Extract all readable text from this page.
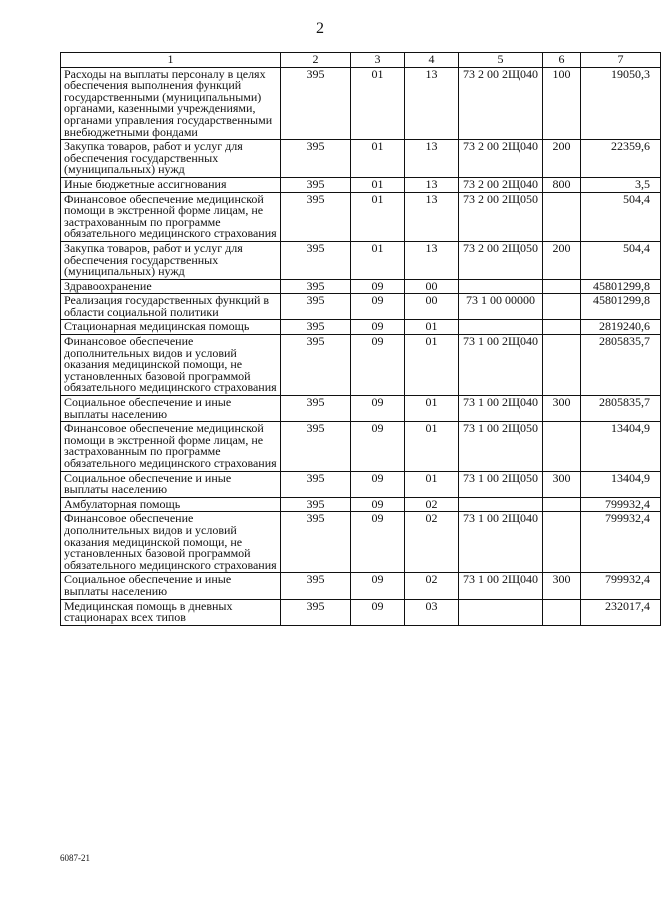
2
1	2	3	4	5	6	7
Расходы на выплаты персоналу в целях обеспечения выполнения функций государственными (муниципальными) органами, казенными учреждениями, органами управления государственными внебюджетными фондами	395	01	13	73 2 00 2Щ040	100	19050,3
Закупка товаров, работ и услуг для обеспечения государственных (муниципальных) нужд	395	01	13	73 2 00 2Щ040	200	22359,6
Иные бюджетные ассигнования	395	01	13	73 2 00 2Щ040	800	3,5
Финансовое обеспечение медицинской помощи в экстренной форме лицам, не застрахованным по программе обязательного медицинского страхования	395	01	13	73 2 00 2Щ050		504,4
Закупка товаров, работ и услуг для обеспечения государственных (муниципальных) нужд	395	01	13	73 2 00 2Щ050	200	504,4
Здравоохранение	395	09	00			45801299,8
Реализация государственных функций в области социальной политики	395	09	00	73 1 00 00000		45801299,8
Стационарная медицинская помощь	395	09	01			2819240,6
Финансовое обеспечение дополнительных видов и условий оказания медицинской помощи, не установленных базовой программой обязательного медицинского страхования	395	09	01	73 1 00 2Щ040		2805835,7
Социальное обеспечение и иные выплаты населению	395	09	01	73 1 00 2Щ040	300	2805835,7
Финансовое обеспечение медицинской помощи в экстренной форме лицам, не застрахованным по программе обязательного медицинского страхования	395	09	01	73 1 00 2Щ050		13404,9
Социальное обеспечение и иные выплаты населению	395	09	01	73 1 00 2Щ050	300	13404,9
Амбулаторная помощь	395	09	02			799932,4
Финансовое обеспечение дополнительных видов и условий оказания медицинской помощи, не установленных базовой программой обязательного медицинского страхования	395	09	02	73 1 00 2Щ040		799932,4
Социальное обеспечение и иные выплаты населению	395	09	02	73 1 00 2Щ040	300	799932,4
Медицинская помощь в дневных стационарах всех типов	395	09	03			232017,4
6087-21
